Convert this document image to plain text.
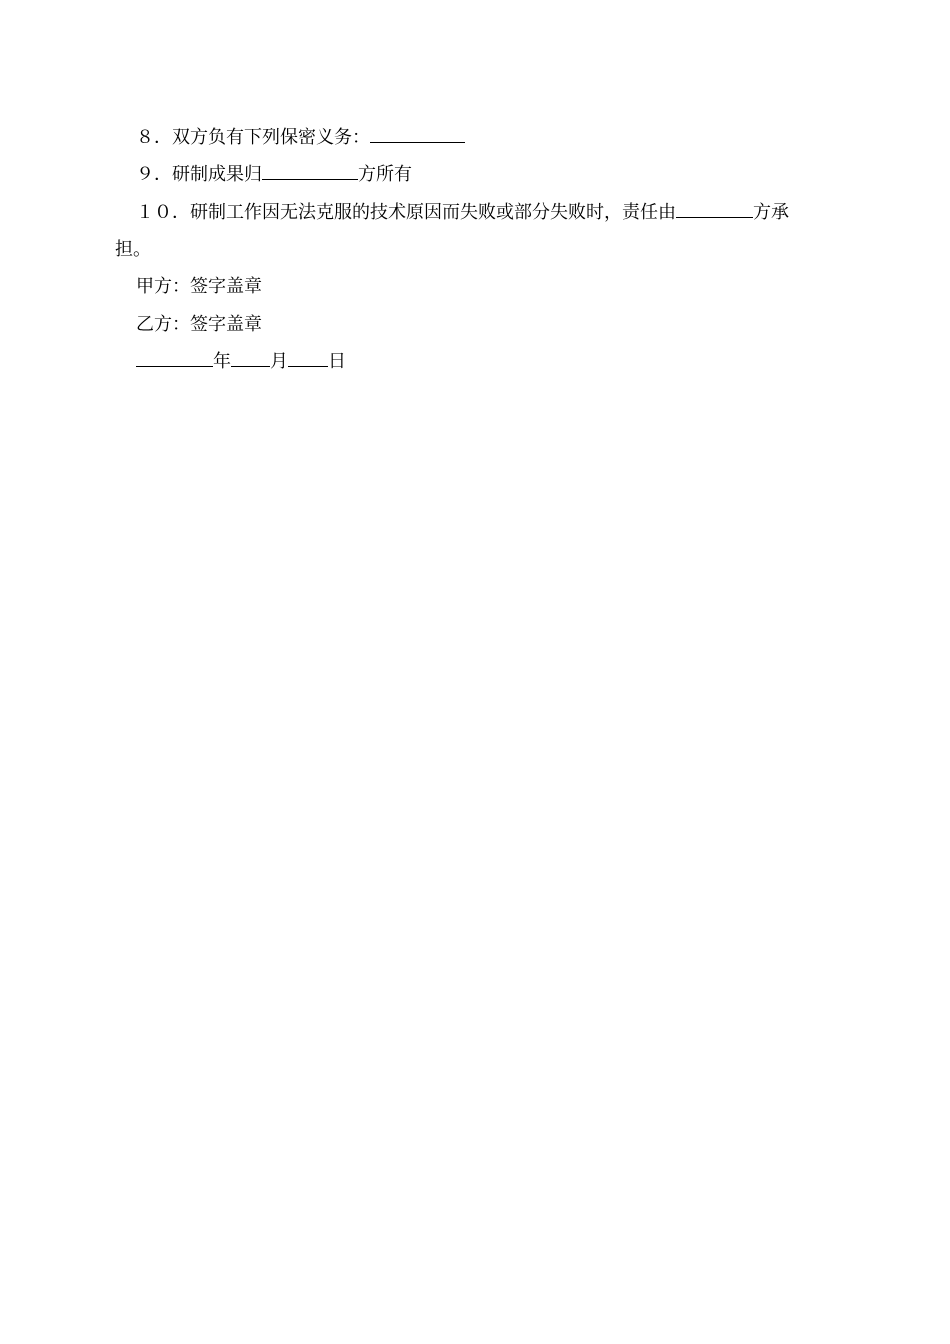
８．双方负有下列保密义务：
９．研制成果归	方所有
１０．研制工作因无法克服的技术原因而失败或部分失败时，责任由	方承
担。
甲方：签字盖章
乙方：签字盖章
年 月 日
